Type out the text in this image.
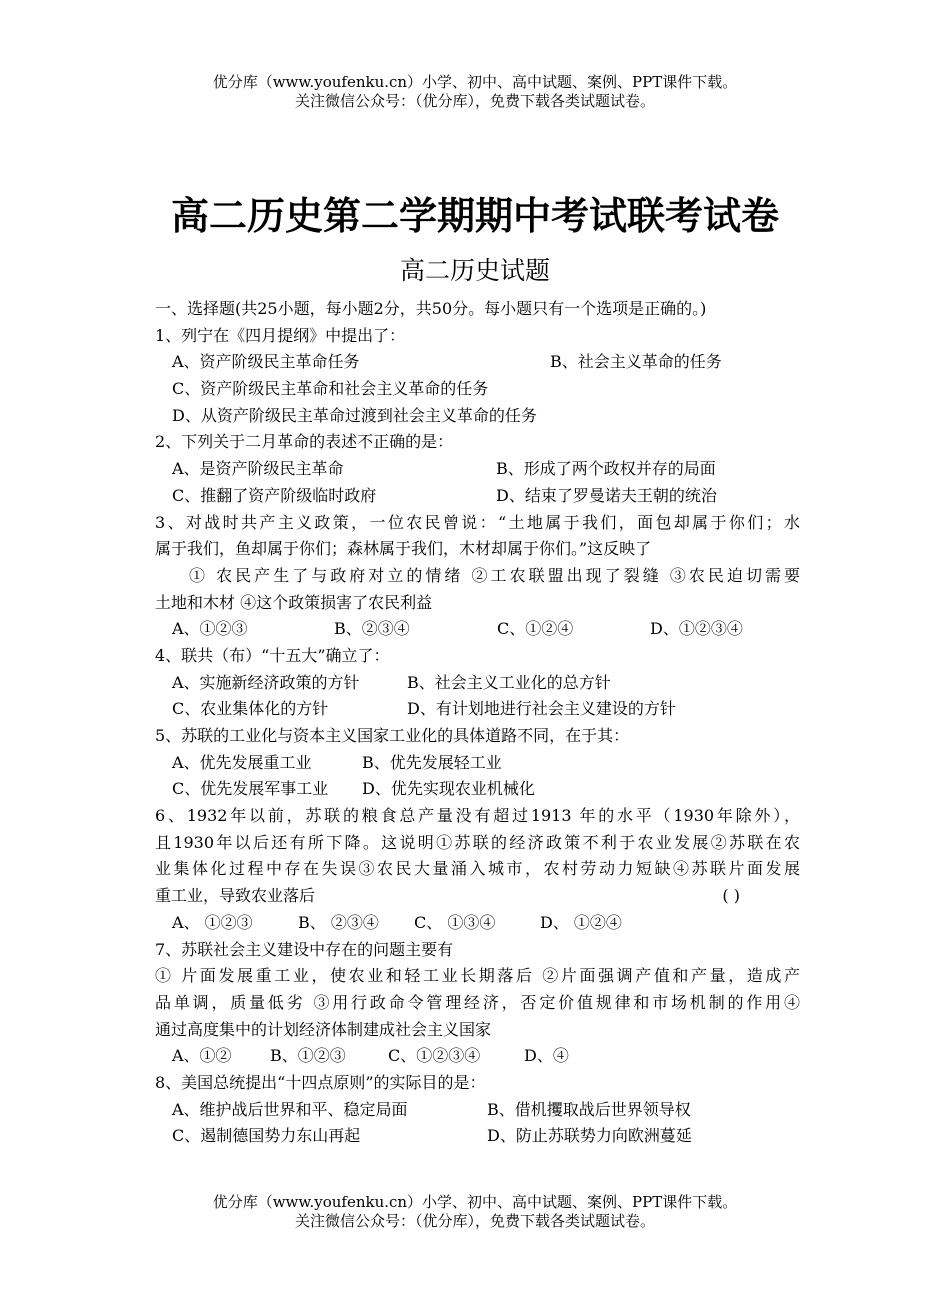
优分库（www.youfenku.cn）小学、初中、高中试题、案例、PPT课件下载。
关注微信公众号：（优分库），免费下载各类试题试卷。
高二历史第二学期期中考试联考试卷
高二历史试题
一、选择题(共25小题，每小题2分，共50分。每小题只有一个选项是正确的。)
1、列宁在《四月提纲》中提出了：
A、资产阶级民主革命任务	B、社会主义革命的任务
C、资产阶级民主革命和社会主义革命的任务
D、从资产阶级民主革命过渡到社会主义革命的任务
2、下列关于二月革命的表述不正确的是：
A、是资产阶级民主革命	B、形成了两个政权并存的局面
C、推翻了资产阶级临时政府	D、结束了罗曼诺夫王朝的统治
3、对战时共产主义政策，一位农民曾说：“土地属于我们，面包却属于你们；水
属于我们，鱼却属于你们；森林属于我们，木材却属于你们。”这反映了
① 农民产生了与政府对立的情绪 ②工农联盟出现了裂缝 ③农民迫切需要
土地和木材 ④这个政策损害了农民利益
A、①②③	B、②③④	C、①②④	D、①②③④
4、联共（布）“十五大”确立了：
A、实施新经济政策的方针	B、社会主义工业化的总方针
C、农业集体化的方针	D、有计划地进行社会主义建设的方针
5、苏联的工业化与资本主义国家工业化的具体道路不同，在于其：
A、优先发展重工业	B、优先发展轻工业
C、优先发展军事工业	D、优先实现农业机械化
6、1932年以前，苏联的粮食总产量没有超过1913 年的水平（1930年除外），
且1930年以后还有所下降。这说明①苏联的经济政策不利于农业发展②苏联在农
业集体化过程中存在失误③农民大量涌入城市，农村劳动力短缺④苏联片面发展
重工业，导致农业落后	( )
A、 ①②③	B、 ②③④	C、 ①③④	D、 ①②④
7、苏联社会主义建设中存在的问题主要有
① 片面发展重工业，使农业和轻工业长期落后 ②片面强调产值和产量，造成产
品单调，质量低劣 ③用行政命令管理经济，否定价值规律和市场机制的作用④
通过高度集中的计划经济体制建成社会主义国家
A、①②	B、①②③	C、①②③④	D、④
8、美国总统提出“十四点原则”的实际目的是：
A、维护战后世界和平、稳定局面	B、借机攫取战后世界领导权
C、遏制德国势力东山再起	D、防止苏联势力向欧洲蔓延
优分库（www.youfenku.cn）小学、初中、高中试题、案例、PPT课件下载。
关注微信公众号：（优分库），免费下载各类试题试卷。
